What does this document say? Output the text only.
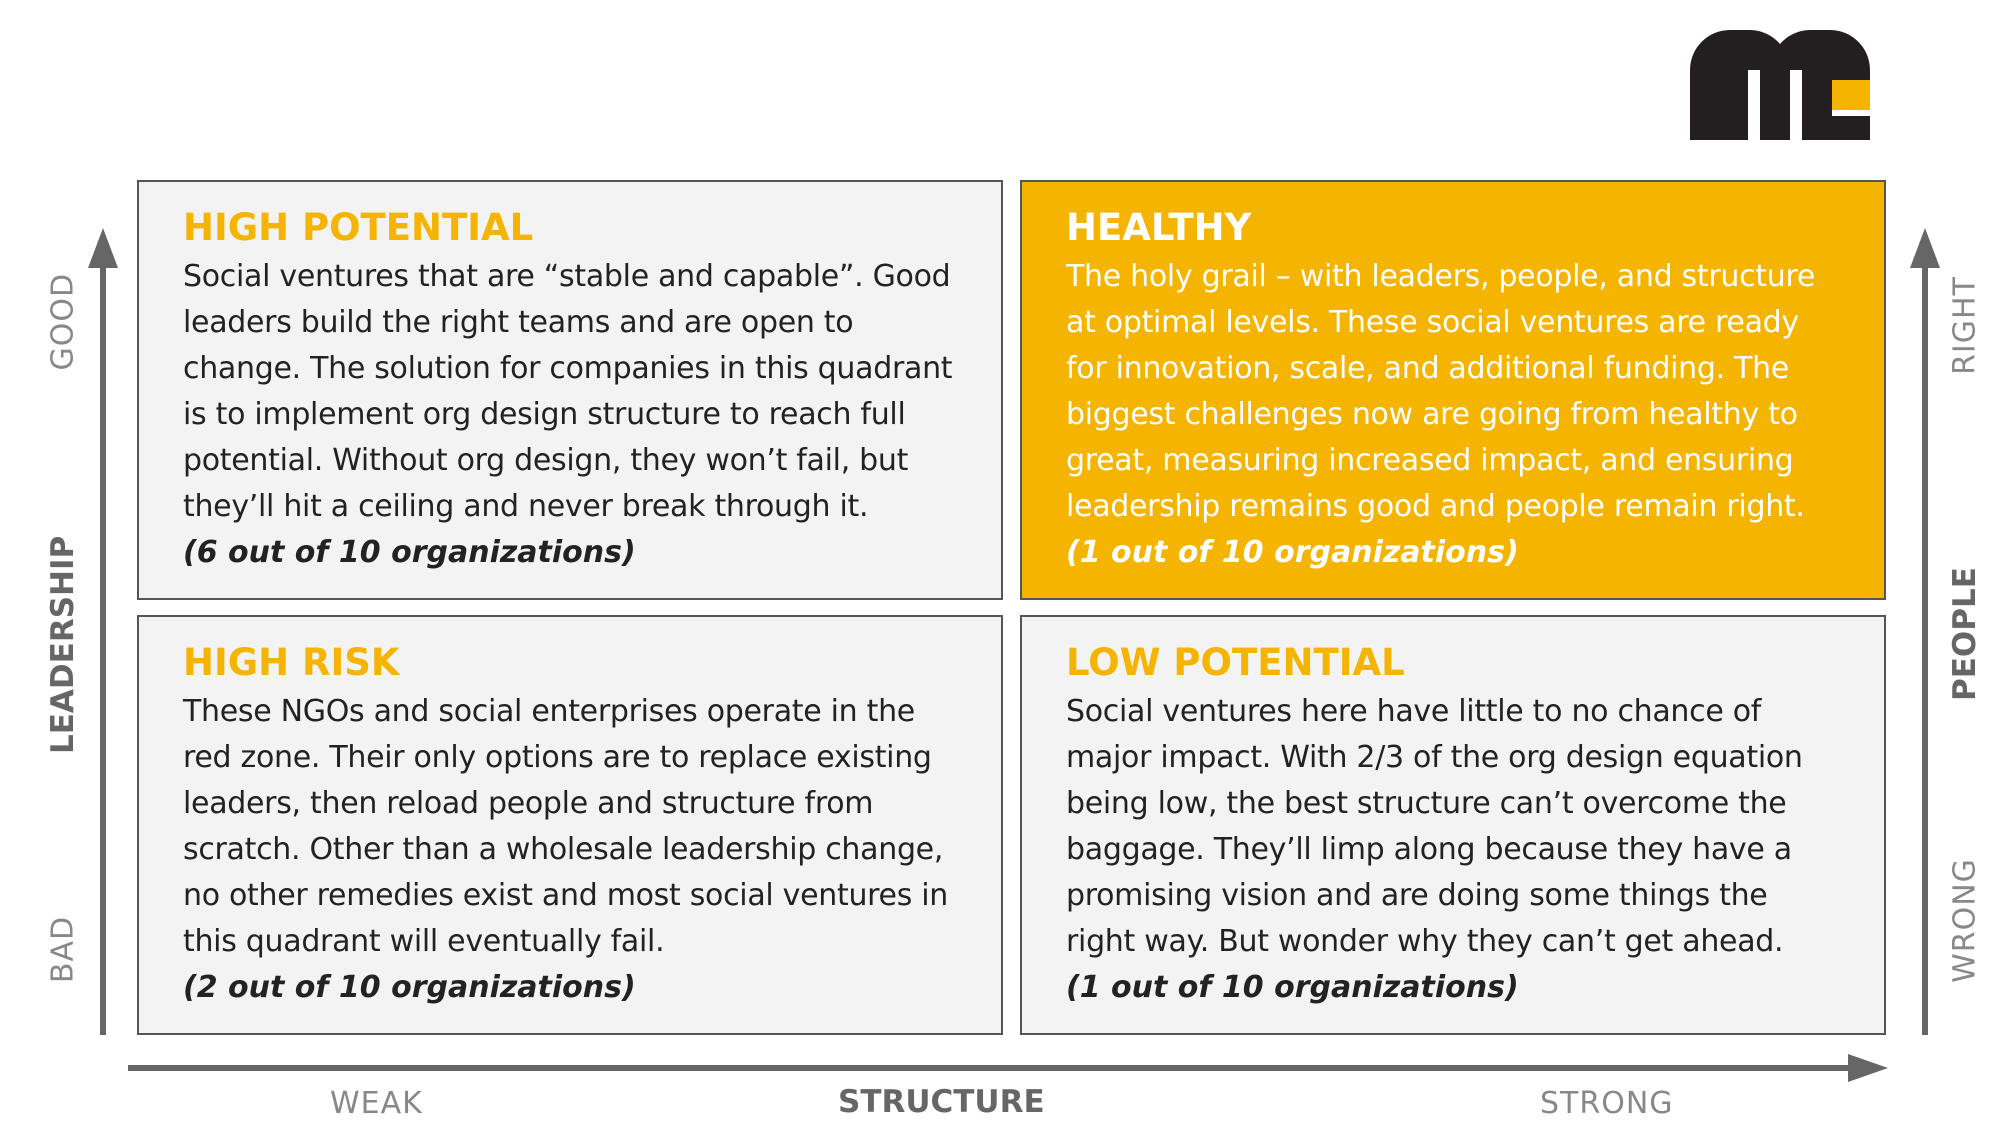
HIGH POTENTIAL

Social ventures that are “stable and capable”. Good leaders build the right teams and are open to change. The solution for companies in this quadrant is to implement org design structure to reach full potential. Without org design, they won’t fail, but they’ll hit a ceiling and never break through it.

(6 out of 10 organizations)

HEALTHY

The holy grail – with leaders, people, and structure at optimal levels. These social ventures are ready for innovation, scale, and additional funding. The biggest challenges now are going from healthy to great, measuring increased impact, and ensuring leadership remains good and people remain right.

(1 out of 10 organizations)

HIGH RISK

These NGOs and social enterprises operate in the red zone. Their only options are to replace existing leaders, then reload people and structure from scratch. Other than a wholesale leadership change, no other remedies exist and most social ventures in this quadrant will eventually fail.

(2 out of 10 organizations)

LOW POTENTIAL

Social ventures here have little to no chance of major impact. With 2/3 of the org design equation being low, the best structure can’t overcome the baggage. They’ll limp along because they have a promising vision and are doing some things the right way. But wonder why they can’t get ahead.

(1 out of 10 organizations)

GOOD
LEADERSHIP
BAD
RIGHT
PEOPLE
WRONG
WEAK	STRUCTURE	STRONG
